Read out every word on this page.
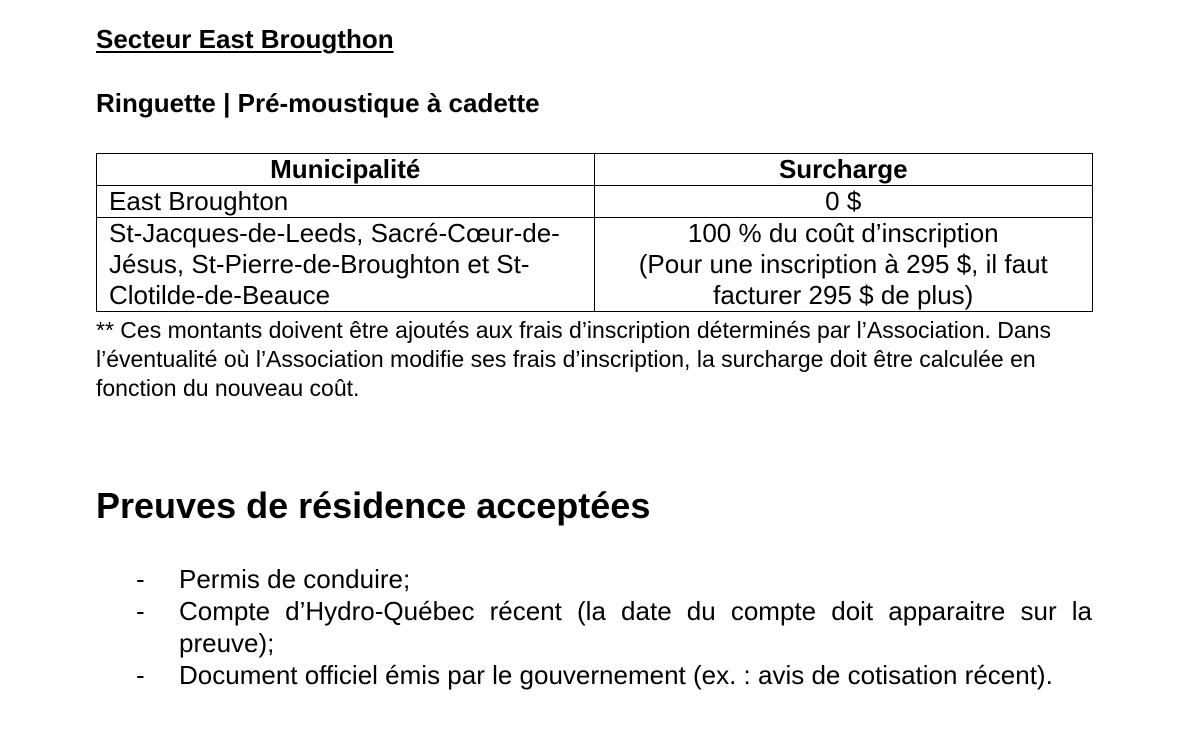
Secteur East Brougthon
Ringuette | Pré-moustique à cadette
Municipalité	Surcharge
East Broughton	0 $

St-Jacques-de-Leeds, Sacré-Cœur-de-Jésus, St-Pierre-de-Broughton et St-Clotilde-de-Beauce	100 % du coût d’inscription
(Pour une inscription à 295 $, il faut
facturer 295 $ de plus)

** Ces montants doivent être ajoutés aux frais d’inscription déterminés par l’Association. Dans l’éventualité où l’Association modifie ses frais d’inscription, la surcharge doit être calculée en fonction du nouveau coût.

Preuves de résidence acceptées
- Permis de conduire;
- Compte d’Hydro-Québec récent (la date du compte doit apparaitre sur la preuve);
- Document officiel émis par le gouvernement (ex. : avis de cotisation récent).
